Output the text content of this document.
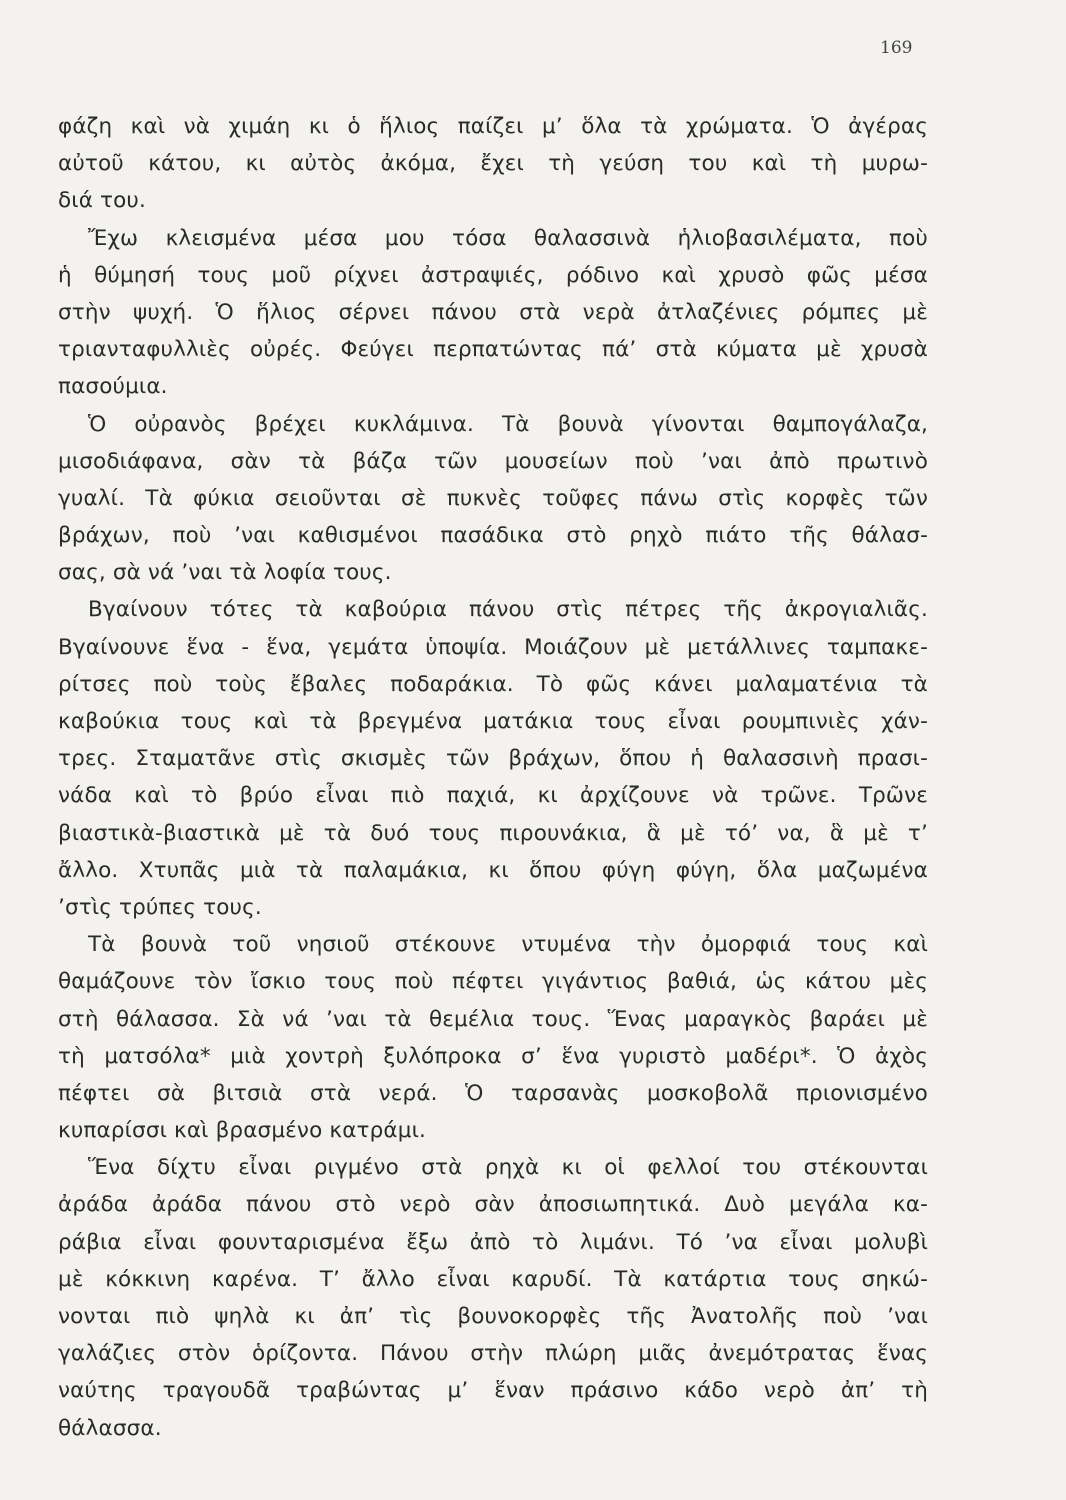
169
φάζη καὶ νὰ χιμάη κι ὁ ἥλιος παίζει μ’ ὅλα τὰ χρώματα. Ὁ ἀγέρας
αὐτοῦ κάτου, κι αὐτὸς ἀκόμα, ἔχει τὴ γεύση του καὶ τὴ μυρω-
διά του.
Ἔχω κλεισμένα μέσα μου τόσα θαλασσινὰ ἡλιοβασιλέματα, ποὺ
ἡ θύμησή τους μοῦ ρίχνει ἀστραψιές, ρόδινο καὶ χρυσὸ φῶς μέσα
στὴν ψυχή. Ὁ ἥλιος σέρνει πάνου στὰ νερὰ ἀτλαζένιες ρόμπες μὲ
τριανταφυλλιὲς οὐρές. Φεύγει περπατώντας πά’ στὰ κύματα μὲ χρυσὰ
πασούμια.
Ὁ οὐρανὸς βρέχει κυκλάμινα. Τὰ βουνὰ γίνονται θαμπογάλαζα,
μισοδιάφανα, σὰν τὰ βάζα τῶν μουσείων ποὺ ’ναι ἀπὸ πρωτινὸ
γυαλί. Τὰ φύκια σειοῦνται σὲ πυκνὲς τοῦφες πάνω στὶς κορφὲς τῶν
βράχων, ποὺ ’ναι καθισμένοι πασάδικα στὸ ρηχὸ πιάτο τῆς θάλασ-
σας, σὰ νά ’ναι τὰ λοφία τους.
Βγαίνουν τότες τὰ καβούρια πάνου στὶς πέτρες τῆς ἀκρογιαλιᾶς.
Βγαίνουνε ἕνα - ἕνα, γεμάτα ὑποψία. Μοιάζουν μὲ μετάλλινες ταμπακε-
ρίτσες ποὺ τοὺς ἔβαλες ποδαράκια. Τὸ φῶς κάνει μαλαματένια τὰ
καβούκια τους καὶ τὰ βρεγμένα ματάκια τους εἶναι ρουμπινιὲς χάν-
τρες. Σταματᾶνε στὶς σκισμὲς τῶν βράχων, ὅπου ἡ θαλασσινὴ πρασι-
νάδα καὶ τὸ βρύο εἶναι πιὸ παχιά, κι ἀρχίζουνε νὰ τρῶνε. Τρῶνε
βιαστικὰ-βιαστικὰ μὲ τὰ δυό τους πιρουνάκια, ἃ μὲ τό’ να, ἃ μὲ τ’
ἄλλο. Χτυπᾶς μιὰ τὰ παλαμάκια, κι ὅπου φύγη φύγη, ὅλα μαζωμένα
’στὶς τρύπες τους.
Τὰ βουνὰ τοῦ νησιοῦ στέκουνε ντυμένα τὴν ὀμορφιά τους καὶ
θαμάζουνε τὸν ἴσκιο τους ποὺ πέφτει γιγάντιος βαθιά, ὡς κάτου μὲς
στὴ θάλασσα. Σὰ νά ’ναι τὰ θεμέλια τους. Ἕνας μαραγκὸς βαράει μὲ
τὴ ματσόλα* μιὰ χοντρὴ ξυλόπροκα σ’ ἕνα γυριστὸ μαδέρι*. Ὁ ἀχὸς
πέφτει σὰ βιτσιὰ στὰ νερά. Ὁ ταρσανὰς μοσκοβολᾶ πριονισμένο
κυπαρίσσι καὶ βρασμένο κατράμι.
Ἕνα δίχτυ εἶναι ριγμένο στὰ ρηχὰ κι οἱ φελλοί του στέκουνται
ἀράδα ἀράδα πάνου στὸ νερὸ σὰν ἀποσιωπητικά. Δυὸ μεγάλα κα-
ράβια εἶναι φουνταρισμένα ἔξω ἀπὸ τὸ λιμάνι. Τό ’να εἶναι μολυβὶ
μὲ κόκκινη καρένα. Τ’ ἄλλο εἶναι καρυδί. Τὰ κατάρτια τους σηκώ-
νονται πιὸ ψηλὰ κι ἀπ’ τὶς βουνοκορφὲς τῆς Ἀνατολῆς ποὺ ’ναι
γαλάζιες στὸν ὁρίζοντα. Πάνου στὴν πλώρη μιᾶς ἀνεμότρατας ἕνας
ναύτης τραγουδᾶ τραβώντας μ’ ἕναν πράσινο κάδο νερὸ ἀπ’ τὴ
θάλασσα.
